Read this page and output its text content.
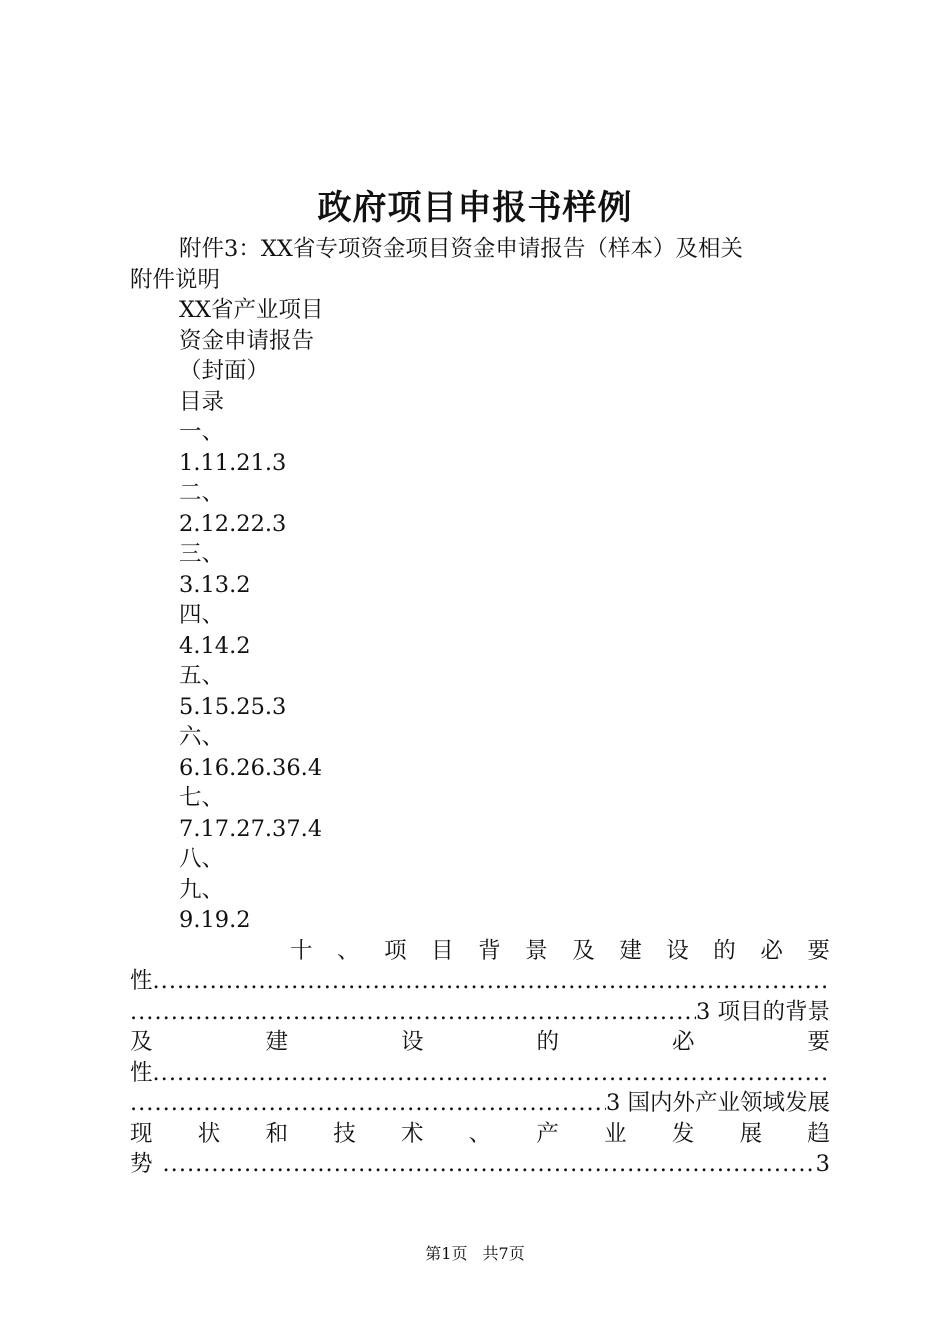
政府项目申报书样例
附件3：XX省专项资金项目资金申请报告（样本）及相关
附件说明
XX省产业项目
资金申请报告
（封面）
目录
一、
1.11.21.3
二、
2.12.22.3
三、
3.13.2
四、
4.14.2
五、
5.15.25.3
六、
6.16.26.36.4
七、
7.17.27.37.4
八、
九、
9.19.2
十 、 项 目 背 景 及 建 设 的 必 要
性
.....
.....
3 项目的背景
及	建	设	的	必	要
性
.....
.....
3 国内外产业领域发展
现 状 和 技 术 、 产 业 发 展 趋
势
.....	3
第1页 共7页
